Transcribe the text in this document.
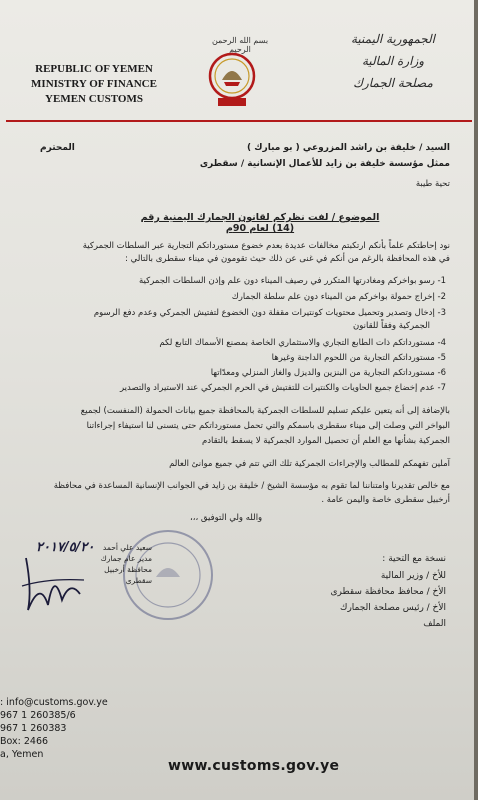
REPUBLIC OF YEMEN
MINISTRY OF FINANCE
YEMEN CUSTOMS
بسم الله الرحمن الرحيم
الجمهورية اليمنية
وزارة المالية
مصلحة الجمارك
السيد / خليفة بن راشد المزروعي ( بو مبارك )
المحترم
ممثل مؤسسة خليفة بن زايد للأعمال الإنسانية / سقطرى
تحية طيبة
الموضوع / لفت نظركم لقانون الجمارك اليمنية رقم (14) لعام 90م
نود إحاطتكم علماً بأنكم ارتكبتم مخالفات عديدة بعدم خضوع مستورداتكم التجارية عبر السلطات الجمركية
في هذه المحافظة بالرغم من أنكم في غنى عن ذلك حيث تقومون في ميناء سقطرى بالتالي :
1- رسو بواخركم ومغادرتها المتكرر في رصيف الميناء دون علم وإذن السلطات الجمركية
2- إخراج حمولة بواخركم من الميناء دون علم سلطة الجمارك
3- إدخال وتصدير وتحميل محتويات كونتيرات مقفلة دون الخضوع لتفتيش الجمركي وعدم دفع الرسوم
الجمركية وفقاً للقانون
4- مستورداتكم ذات الطابع التجاري والاستثماري الخاصة بمصنع الأسماك التابع لكم
5- مستورداتكم التجارية من اللحوم الداجنة وغيرها
6- مستورداتكم التجارية من البنزين والديزل والغاز المنزلي ومعدّاتها
7- عدم إخضاع جميع الحاويات والكنتيرات للتفتيش في الحرم الجمركي عند الاستيراد والتصدير
بالإضافة إلى أنه يتعين عليكم تسليم للسلطات الجمركية بالمحافظة جميع بيانات الحمولة (المنفست) لجميع
البواخر التي وصلت إلى ميناء سقطرى باسمكم والتي تحمل مستورداتكم حتى يتسنى لنا استيفاء إجراءاتنا
الجمركية بشأنها مع العلم أن تحصيل الموارد الجمركية لا يسقط بالتقادم
آملين تفهمكم للمطالب والإجراءات الجمركية تلك التي تتم في جميع موانئ العالم
مع خالص تقديرنا وامتناننا لما تقوم به مؤسسة الشيخ / خليفة بن زايد في الجوانب الإنسانية المساعدة في محافظة
أرخبيل سقطرى خاصة واليمن عامة .
والله ولي التوفيق ،،،
٢٠١٧/٥/٢٠	سعيد علي أحمد
مدير عام جمارك
محافظة أرخبيل سقطرى
نسخة مع التحية :
للأخ / وزير المالية
الأخ / محافظ محافظة سقطرى
الأخ / رئيس مصلحة الجمارك
الملف
: info@customs.gov.ye
967 1 260385/6
967 1 260383
Box: 2466
a, Yemen
www.customs.gov.ye
